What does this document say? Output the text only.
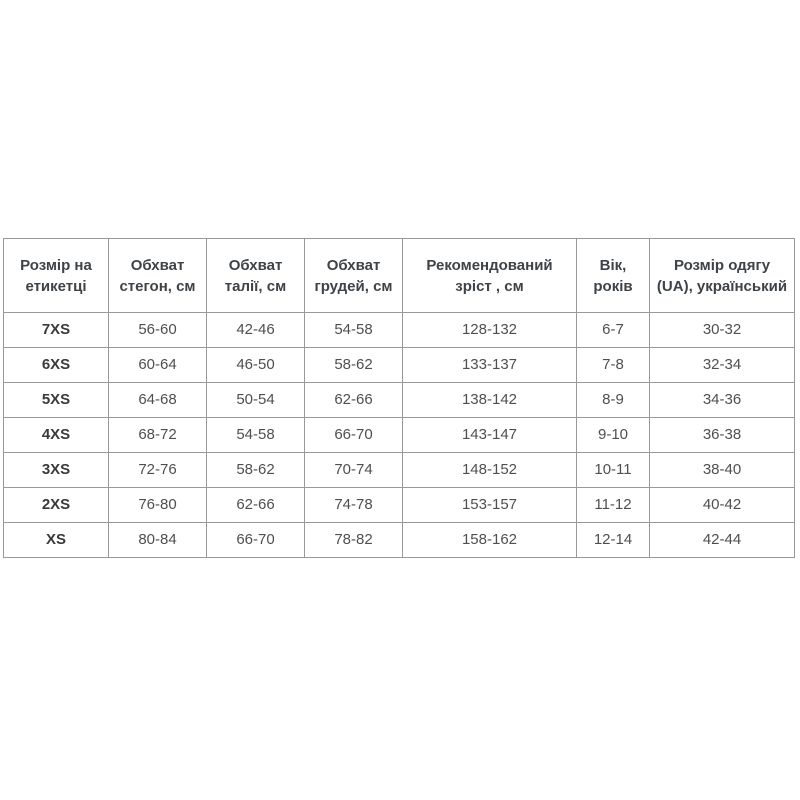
Розмір на етикетці	Обхват стегон, см	Обхват талії, см	Обхват грудей, см	Рекомендований зріст , см	Вік, років	Розмір одягу (UA), український
7XS	56-60	42-46	54-58	128-132	6-7	30-32
6XS	60-64	46-50	58-62	133-137	7-8	32-34
5XS	64-68	50-54	62-66	138-142	8-9	34-36
4XS	68-72	54-58	66-70	143-147	9-10	36-38
3XS	72-76	58-62	70-74	148-152	10-11	38-40
2XS	76-80	62-66	74-78	153-157	11-12	40-42
XS	80-84	66-70	78-82	158-162	12-14	42-44
